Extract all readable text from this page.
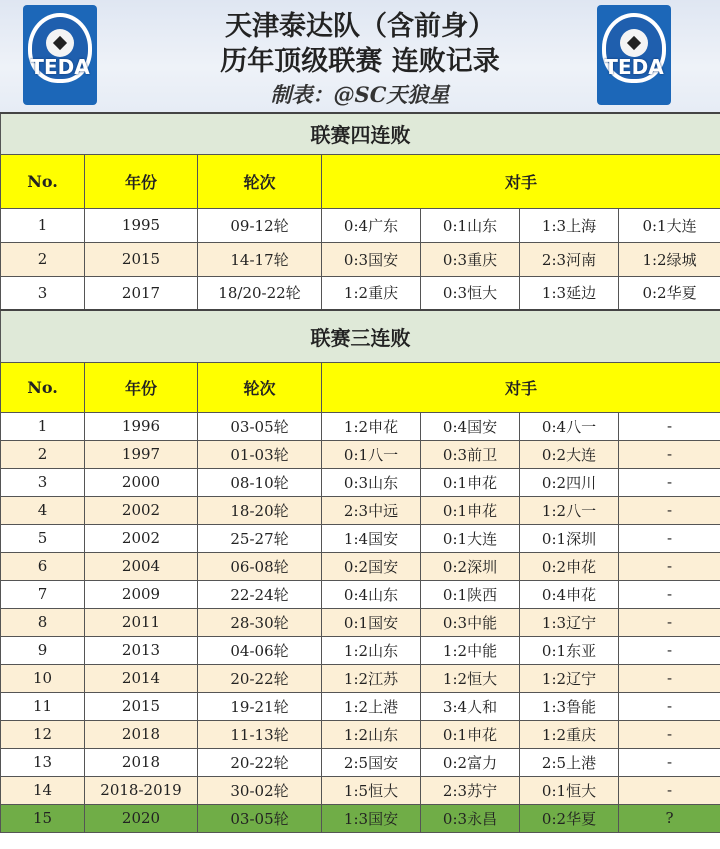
TEDA
天津泰达队（含前身）
历年顶级联赛 连败记录
制表：@SC天狼星
TEDA
联赛四连败						
No.	年份	轮次	对手			
1	1995	09-12轮	0:4广东	0:1山东	1:3上海	0:1大连
2	2015	14-17轮	0:3国安	0:3重庆	2:3河南	1:2绿城
3	2017	18/20-22轮	1:2重庆	0:3恒大	1:3延边	0:2华夏
联赛三连败						
No.	年份	轮次	对手			
1	1996	03-05轮	1:2申花	0:4国安	0:4八一	-
2	1997	01-03轮	0:1八一	0:3前卫	0:2大连	-
3	2000	08-10轮	0:3山东	0:1申花	0:2四川	-
4	2002	18-20轮	2:3中远	0:1申花	1:2八一	-
5	2002	25-27轮	1:4国安	0:1大连	0:1深圳	-
6	2004	06-08轮	0:2国安	0:2深圳	0:2申花	-
7	2009	22-24轮	0:4山东	0:1陕西	0:4申花	-
8	2011	28-30轮	0:1国安	0:3中能	1:3辽宁	-
9	2013	04-06轮	1:2山东	1:2中能	0:1东亚	-
10	2014	20-22轮	1:2江苏	1:2恒大	1:2辽宁	-
11	2015	19-21轮	1:2上港	3:4人和	1:3鲁能	-
12	2018	11-13轮	1:2山东	0:1申花	1:2重庆	-
13	2018	20-22轮	2:5国安	0:2富力	2:5上港	-
14	2018-2019	30-02轮	1:5恒大	2:3苏宁	0:1恒大	-
15	2020	03-05轮	1:3国安	0:3永昌	0:2华夏	?
